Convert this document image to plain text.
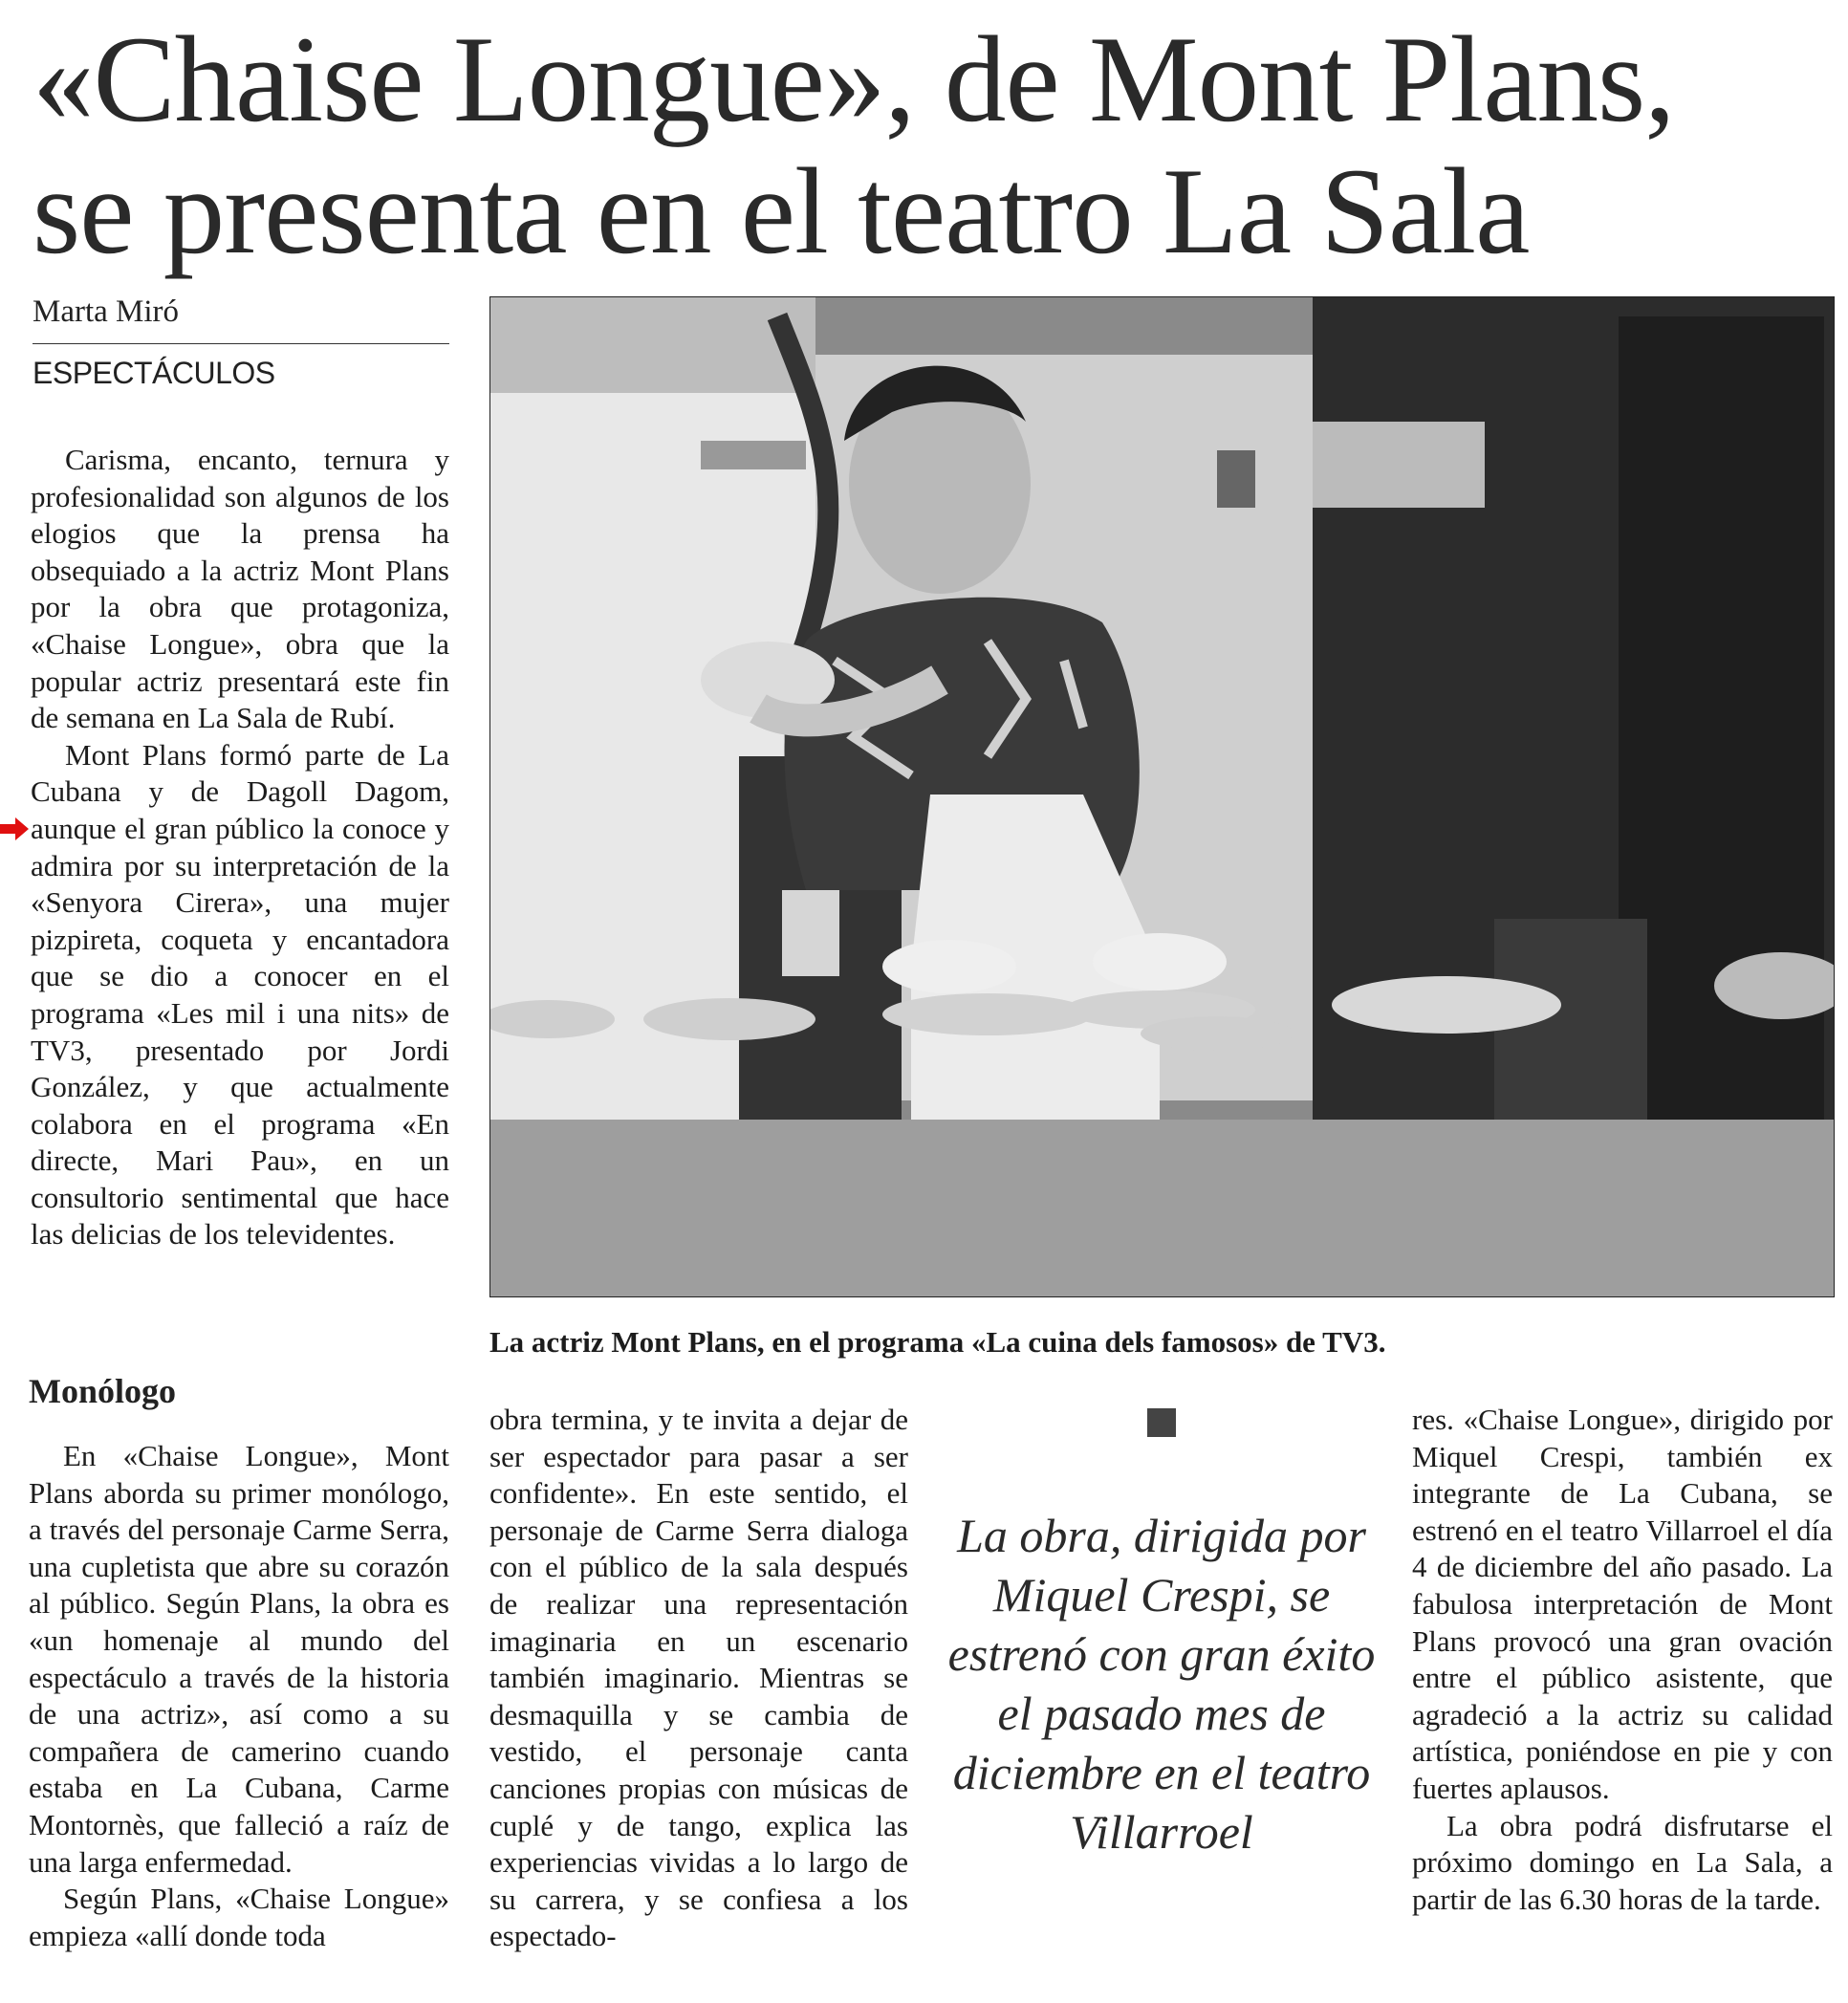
«Chaise Longue», de Mont Plans,
se presenta en el teatro La Sala
Marta Miró
ESPECTÁCULOS

Carisma, encanto, ternura y profesionalidad son algunos de los elogios que la prensa ha obsequiado a la actriz Mont Plans por la obra que protagoniza, «Chaise Longue», obra que la popular actriz presentará este fin de semana en La Sala de Rubí.

Mont Plans formó parte de La Cubana y de Dagoll Dagom, aunque el gran público la conoce y admira por su interpretación de la «Senyora Cirera», una mujer pizpireta, coqueta y encantadora que se dio a conocer en el programa «Les mil i una nits» de TV3, presentado por Jordi González, y que actualmente colabora en el programa «En directe, Mari Pau», en un consultorio sentimental que hace las delicias de los televidentes.

Monólogo

En «Chaise Longue», Mont Plans aborda su primer monólogo, a través del personaje Carme Serra, una cupletista que abre su corazón al público. Según Plans, la obra es «un homenaje al mundo del espectáculo a través de la historia de una actriz», así como a su compañera de camerino cuando estaba en La Cubana, Carme Montornès, que falleció a raíz de una larga enfermedad.

Según Plans, «Chaise Longue» empieza «allí donde toda

La actriz Mont Plans, en el programa «La cuina dels famosos» de TV3.

obra termina, y te invita a dejar de ser espectador para pasar a ser confidente». En este sentido, el personaje de Carme Serra dialoga con el público de la sala después de realizar una representación imaginaria en un escenario también imaginario. Mientras se desmaquilla y se cambia de vestido, el personaje canta canciones propias con músicas de cuplé y de tango, explica las experiencias vividas a lo largo de su carrera, y se confiesa a los espectado-

La obra, dirigida por Miquel Crespi, se estrenó con gran éxito el pasado mes de diciembre en el teatro Villarroel

res. «Chaise Longue», dirigido por Miquel Crespi, también ex integrante de La Cubana, se estrenó en el teatro Villarroel el día 4 de diciembre del año pasado. La fabulosa interpretación de Mont Plans provocó una gran ovación entre el público asistente, que agradeció a la actriz su calidad artística, poniéndose en pie y con fuertes aplausos.

La obra podrá disfrutarse el próximo domingo en La Sala, a partir de las 6.30 horas de la tarde.
